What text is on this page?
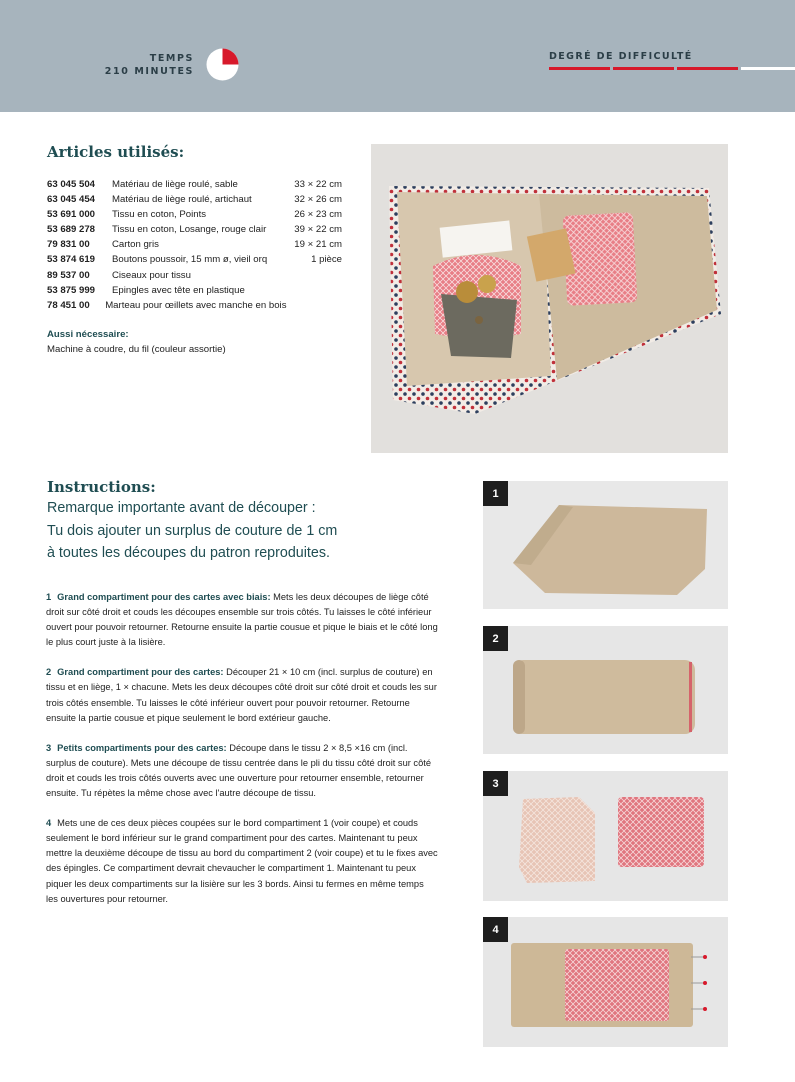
TEMPS
210 MINUTES
DEGRÉ DE DIFFICULTÉ
Articles utilisés:
63 045 504	Matériau de liège roulé, sable	33 × 22 cm
63 045 454	Matériau de liège roulé, artichaut	32 × 26 cm
53 691 000	Tissu en coton, Points	26 × 23 cm
53 689 278	Tissu en coton, Losange, rouge clair	39 × 22 cm
79 831 00	Carton gris	19 × 21 cm
53 874 619	Boutons poussoir, 15 mm ø, vieil orq	1 pièce
89 537 00	Ciseaux pour tissu
53 875 999	Epingles avec tête en plastique
78 451 00	Marteau pour œillets avec manche en bois
Aussi nécessaire:
Machine à coudre, du fil (couleur assortie)
Instructions:
Remarque importante avant de découper :
Tu dois ajouter un surplus de couture de 1 cm
à toutes les découpes du patron reproduites.

1 Grand compartiment pour des cartes avec biais: Mets les deux découpes de liège côté droit sur côté droit et couds les découpes ensemble sur trois côtés. Tu laisses le côté inférieur ouvert pour pouvoir retourner. Retourne ensuite la partie cousue et pique le biais et le côté long le plus court juste à la lisière.

2 Grand compartiment pour des cartes: Découper 21 × 10 cm (incl. surplus de couture) en tissu et en liège, 1 × chacune. Mets les deux découpes côté droit sur côté droit et couds les sur trois côtés ensemble. Tu laisses le côté inférieur ouvert pour pouvoir retourner. Retourne ensuite la partie cousue et pique seulement le bord extérieur gauche.

3 Petits compartiments pour des cartes: Découpe dans le tissu 2 × 8,5 ×16 cm (incl. surplus de couture). Mets une découpe de tissu centrée dans le pli du tissu côté droit sur côté droit et couds les trois côtés ouverts avec une ouverture pour retourner ensemble, retourner ensuite. Tu répètes la même chose avec l'autre découpe de tissu.

4 Mets une de ces deux pièces coupées sur le bord compartiment 1 (voir coupe) et couds seulement le bord inférieur sur le grand compartiment pour des cartes. Maintenant tu peux mettre la deuxième découpe de tissu au bord du compartiment 2 (voir coupe) et tu le fixes avec des épingles. Ce compartiment devrait chevaucher le compartiment 1. Maintenant tu peux piquer les deux compartiments sur la lisière sur les 3 bords. Ainsi tu fermes en même temps les ouvertures pour retourner.

1
2
3
4
